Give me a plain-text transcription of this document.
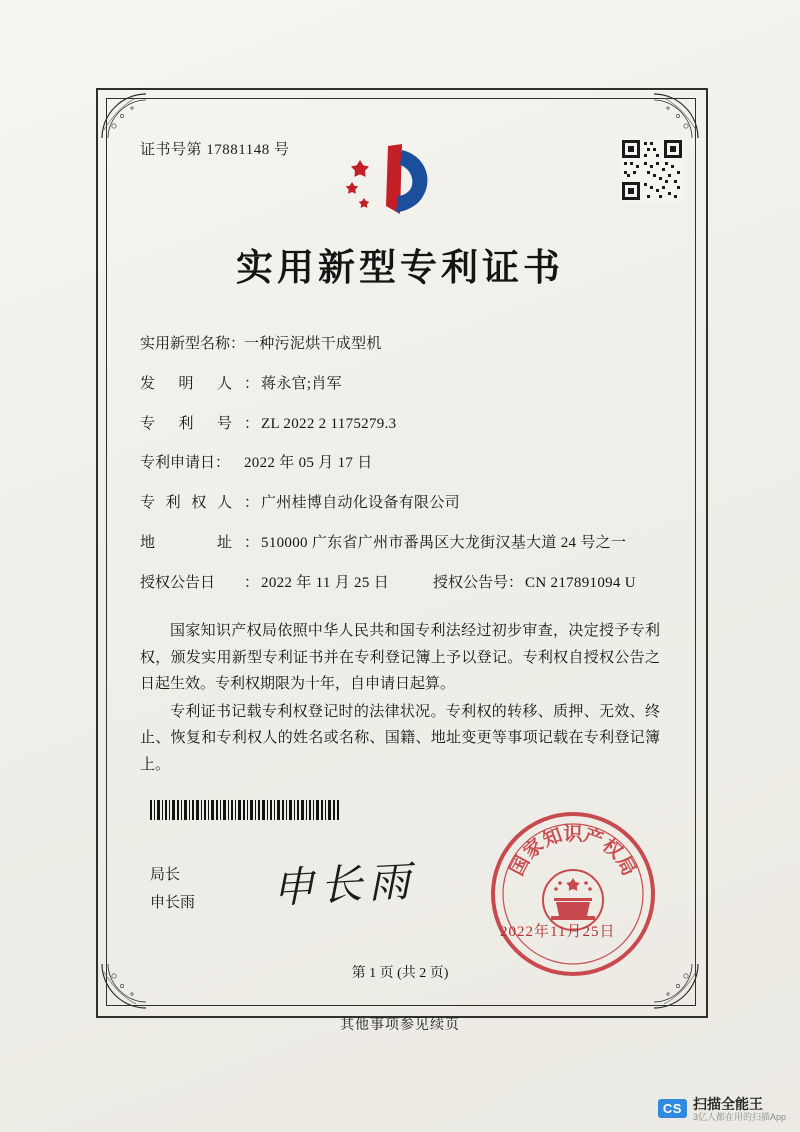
证书号第 17881148 号
实用新型专利证书
实用新型名称：
一种污泥烘干成型机
发 明 人 ： 蒋永官;肖军
专 利 号 ： ZL 2022 2 1175279.3
专利申请日： 2022 年 05 月 17 日
专 利 权 人 ： 广州桂博自动化设备有限公司
地	址 ： 510000 广东省广州市番禺区大龙街汉基大道 24 号之一
授权公告日	： 2022 年 11 月 25 日	授权公告号 ： CN 217891094 U

国家知识产权局依照中华人民共和国专利法经过初步审查，决定授予专利权，颁发实用新型专利证书并在专利登记簿上予以登记。专利权自授权公告之日起生效。专利权期限为十年，自申请日起算。

专利证书记载专利权登记时的法律状况。专利权的转移、质押、无效、终止、恢复和专利权人的姓名或名称、国籍、地址变更等事项记载在专利登记簿上。

局长
申长雨 申长雨	国
家
知
识
产
权
局
2022年11月25日
第 1 页 (共 2 页)
其他事项参见续页
CS 扫描全能王
3亿人都在用的扫描App
